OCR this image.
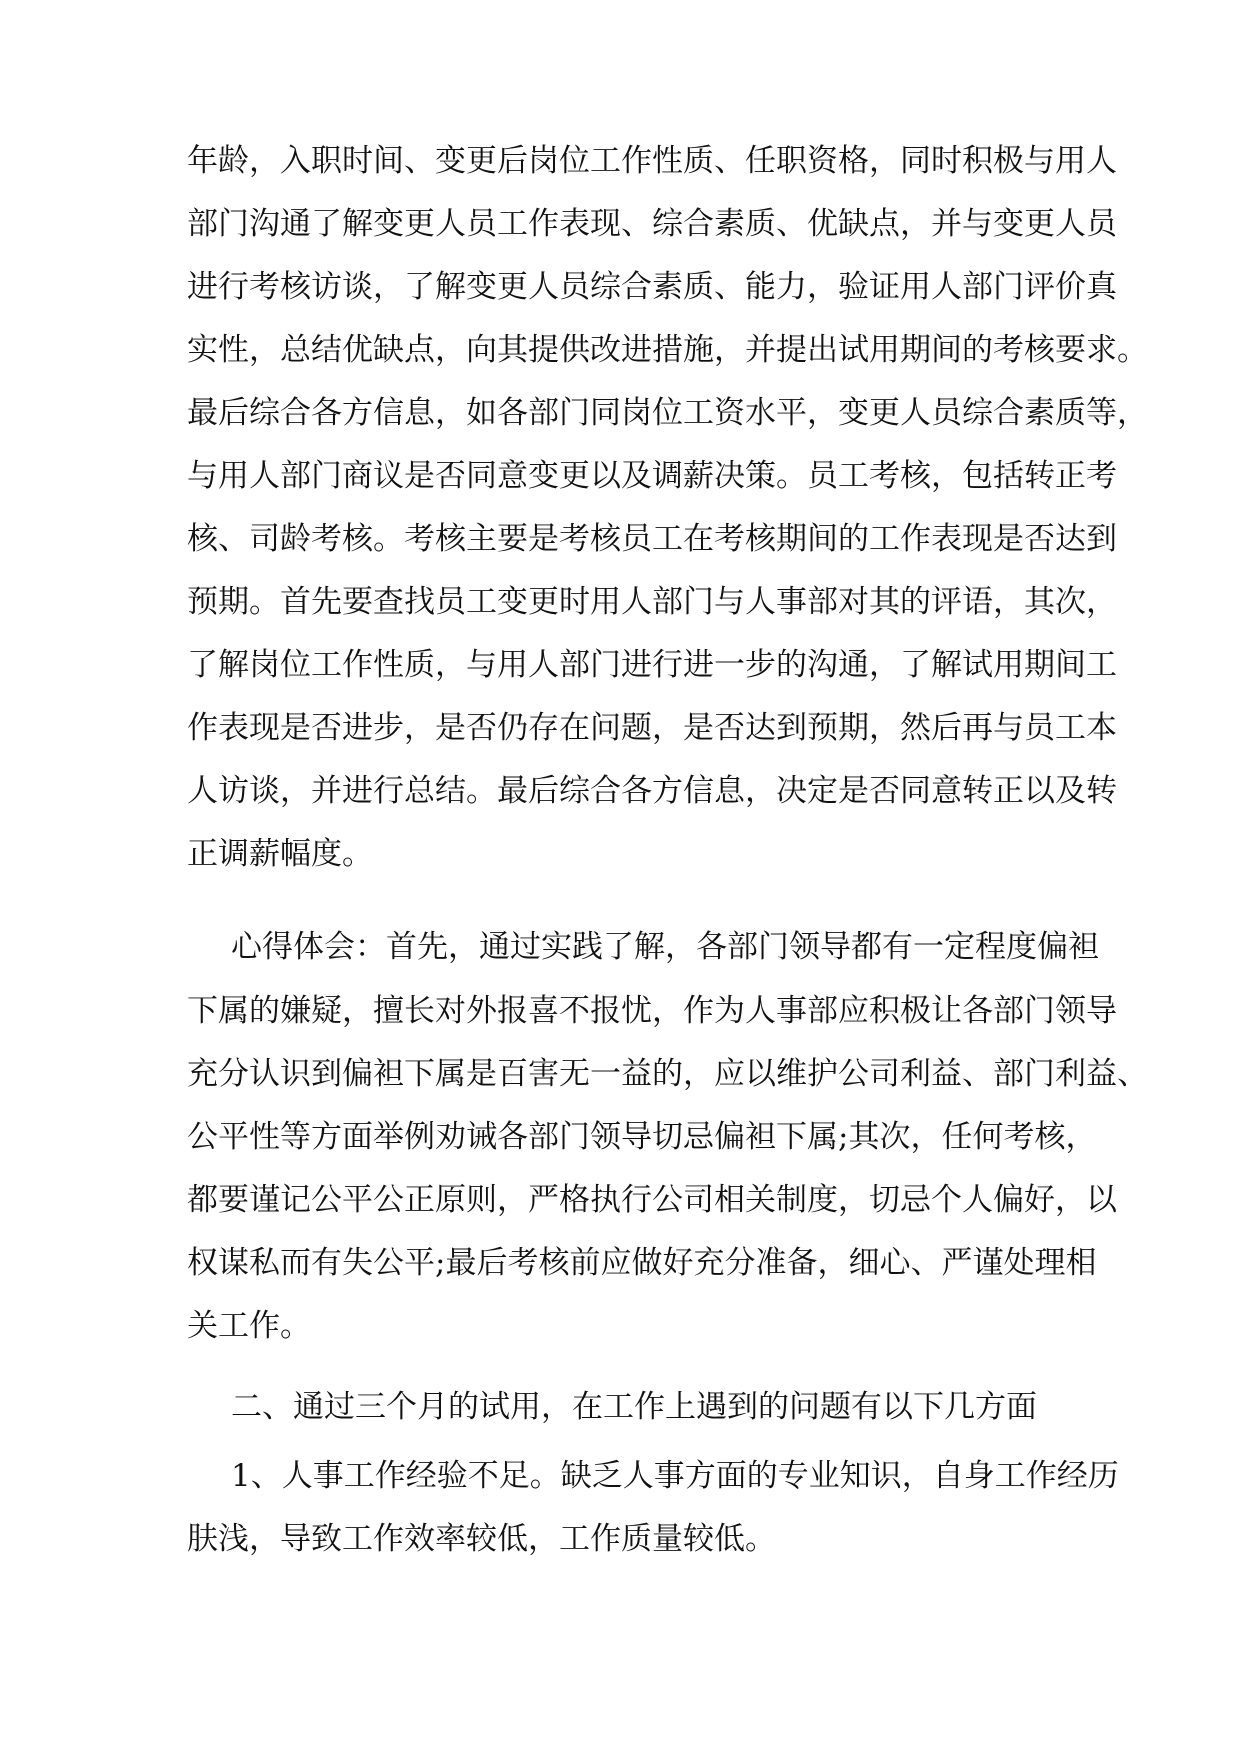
年龄，入职时间、变更后岗位工作性质、任职资格，同时积极与用人
部门沟通了解变更人员工作表现、综合素质、优缺点，并与变更人员
进行考核访谈，了解变更人员综合素质、能力，验证用人部门评价真
实性，总结优缺点，向其提供改进措施，并提出试用期间的考核要求。
最后综合各方信息，如各部门同岗位工资水平，变更人员综合素质等，
与用人部门商议是否同意变更以及调薪决策。员工考核，包括转正考
核、司龄考核。考核主要是考核员工在考核期间的工作表现是否达到
预期。首先要查找员工变更时用人部门与人事部对其的评语，其次，
了解岗位工作性质，与用人部门进行进一步的沟通，了解试用期间工
作表现是否进步，是否仍存在问题，是否达到预期，然后再与员工本
人访谈，并进行总结。最后综合各方信息，决定是否同意转正以及转
正调薪幅度。
心得体会：首先，通过实践了解，各部门领导都有一定程度偏袒
下属的嫌疑，擅长对外报喜不报忧，作为人事部应积极让各部门领导
充分认识到偏袒下属是百害无一益的，应以维护公司利益、部门利益、
公平性等方面举例劝诫各部门领导切忌偏袒下属;其次，任何考核，
都要谨记公平公正原则，严格执行公司相关制度，切忌个人偏好，以
权谋私而有失公平;最后考核前应做好充分准备，细心、严谨处理相
关工作。
二、通过三个月的试用，在工作上遇到的问题有以下几方面
1、人事工作经验不足。缺乏人事方面的专业知识，自身工作经历
肤浅，导致工作效率较低，工作质量较低。
